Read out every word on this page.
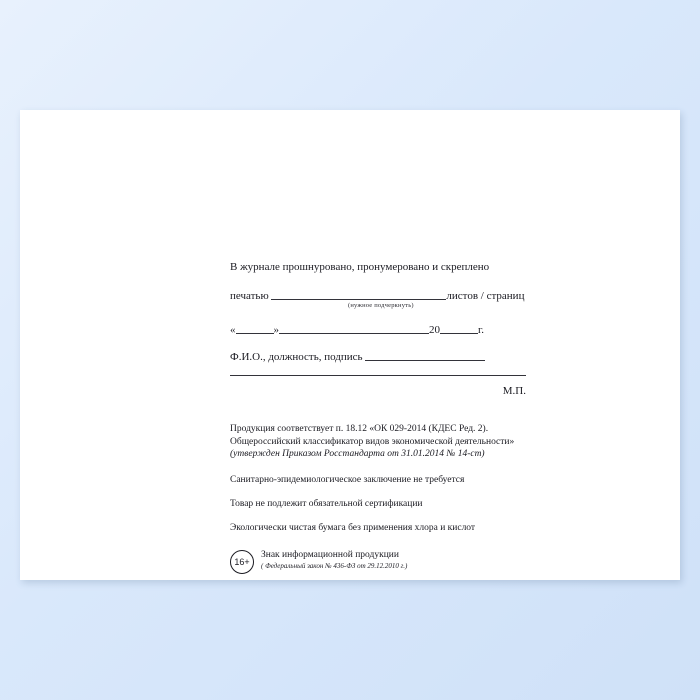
В журнале прошнуровано, пронумеровано и скреплено
печатью	листов / страниц
(нужное подчеркнуть)
«	»	20	г.
Ф.И.О., должность, подпись
М.П.
Продукция соответствует п. 18.12 «ОК 029-2014 (КДЕС Ред. 2).
Общероссийский классификатор видов экономической деятельности»
(утвержден Приказом Росстандарта от 31.01.2014 № 14-ст)
Санитарно-эпидемиологическое заключение не требуется
Товар не подлежит обязательной сертификации
Экологически чистая бумага без применения хлора и кислот
16+
Знак информационной продукции
( Федеральный закон № 436-ФЗ от 29.12.2010 г.)
